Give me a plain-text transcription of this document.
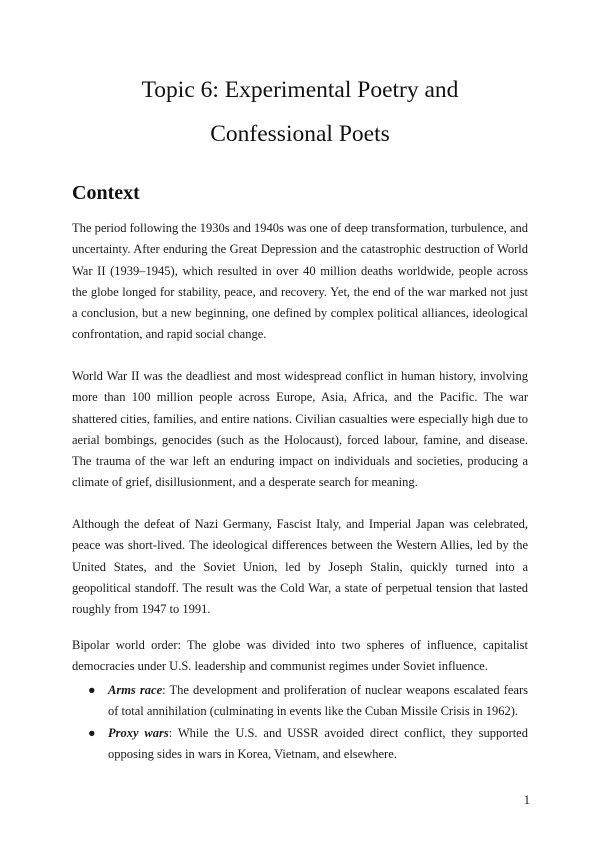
Topic 6: Experimental Poetry and
Confessional Poets
Context

The period following the 1930s and 1940s was one of deep transformation, turbulence, and uncertainty. After enduring the Great Depression and the catastrophic destruction of World War II (1939–1945), which resulted in over 40 million deaths worldwide, people across the globe longed for stability, peace, and recovery. Yet, the end of the war marked not just a conclusion, but a new beginning, one defined by complex political alliances, ideological confrontation, and rapid social change.

World War II was the deadliest and most widespread conflict in human history, involving more than 100 million people across Europe, Asia, Africa, and the Pacific. The war shattered cities, families, and entire nations. Civilian casualties were especially high due to aerial bombings, genocides (such as the Holocaust), forced labour, famine, and disease. The trauma of the war left an enduring impact on individuals and societies, producing a climate of grief, disillusionment, and a desperate search for meaning.

Although the defeat of Nazi Germany, Fascist Italy, and Imperial Japan was celebrated, peace was short-lived. The ideological differences between the Western Allies, led by the United States, and the Soviet Union, led by Joseph Stalin, quickly turned into a geopolitical standoff. The result was the Cold War, a state of perpetual tension that lasted roughly from 1947 to 1991.

Bipolar world order: The globe was divided into two spheres of influence, capitalist democracies under U.S. leadership and communist regimes under Soviet influence.

● Arms race: The development and proliferation of nuclear weapons escalated fears of total annihilation (culminating in events like the Cuban Missile Crisis in 1962).
● Proxy wars: While the U.S. and USSR avoided direct conflict, they supported opposing sides in wars in Korea, Vietnam, and elsewhere.
1
